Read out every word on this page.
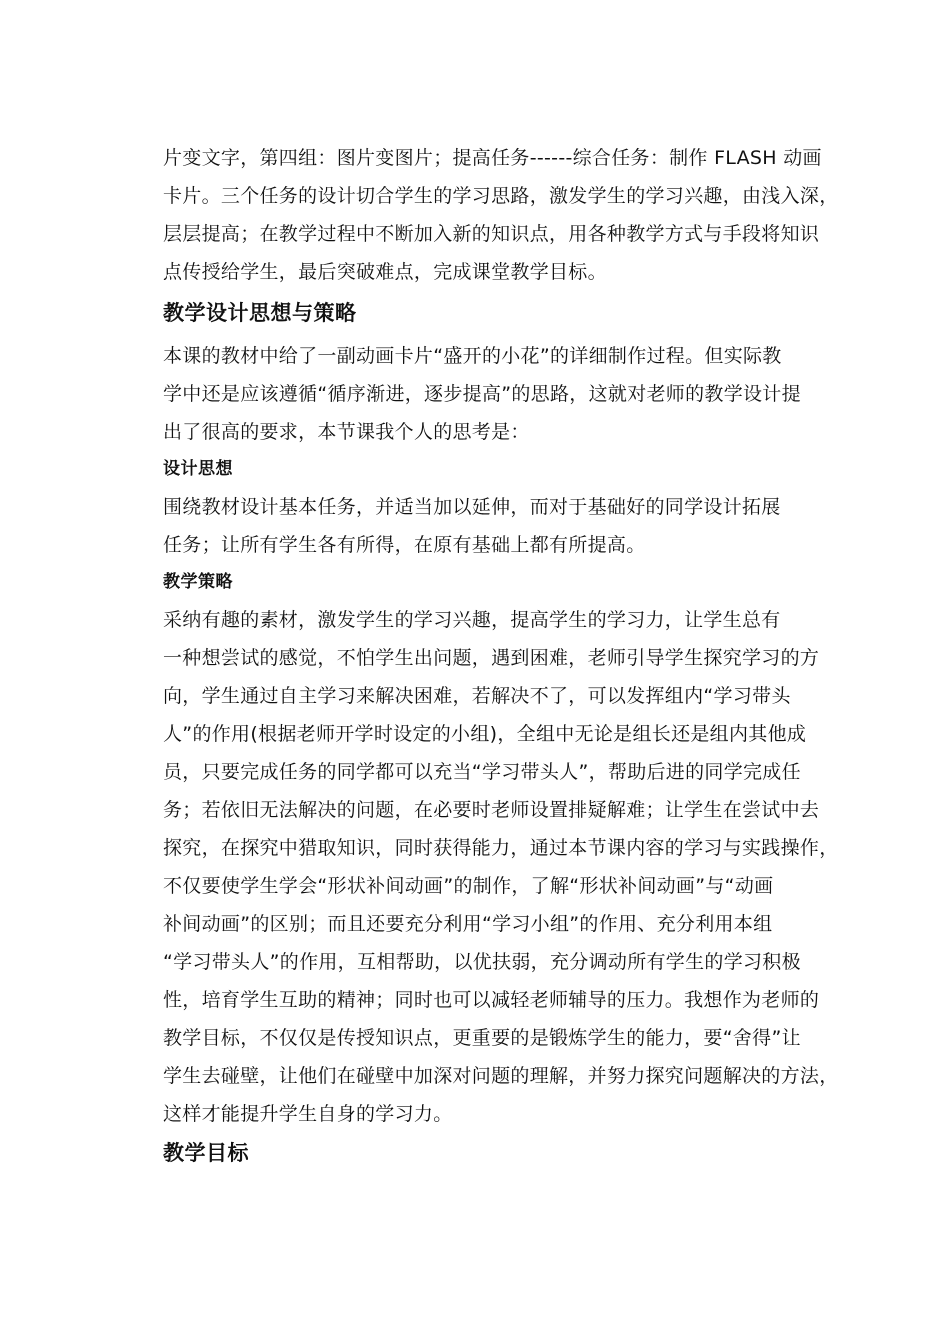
片变文字，第四组：图片变图片；提高任务------综合任务：制作 FLASH 动画
卡片。三个任务的设计切合学生的学习思路，激发学生的学习兴趣，由浅入深，
层层提高；在教学过程中不断加入新的知识点，用各种教学方式与手段将知识
点传授给学生，最后突破难点，完成课堂教学目标。
教学设计思想与策略
本课的教材中给了一副动画卡片“盛开的小花”的详细制作过程。但实际教
学中还是应该遵循“循序渐进，逐步提高”的思路，这就对老师的教学设计提
出了很高的要求，本节课我个人的思考是：
设计思想
围绕教材设计基本任务，并适当加以延伸，而对于基础好的同学设计拓展
任务；让所有学生各有所得，在原有基础上都有所提高。
教学策略
采纳有趣的素材，激发学生的学习兴趣，提高学生的学习力，让学生总有
一种想尝试的感觉，不怕学生出问题，遇到困难，老师引导学生探究学习的方
向，学生通过自主学习来解决困难，若解决不了，可以发挥组内“学习带头
人”的作用(根据老师开学时设定的小组)，全组中无论是组长还是组内其他成
员，只要完成任务的同学都可以充当“学习带头人”，帮助后进的同学完成任
务；若依旧无法解决的问题，在必要时老师设置排疑解难；让学生在尝试中去
探究，在探究中猎取知识，同时获得能力，通过本节课内容的学习与实践操作，
不仅要使学生学会“形状补间动画”的制作，了解“形状补间动画”与“动画
补间动画”的区别；而且还要充分利用“学习小组”的作用、充分利用本组
“学习带头人”的作用，互相帮助，以优扶弱，充分调动所有学生的学习积极
性，培育学生互助的精神；同时也可以减轻老师辅导的压力。我想作为老师的
教学目标，不仅仅是传授知识点，更重要的是锻炼学生的能力，要“舍得”让
学生去碰壁，让他们在碰壁中加深对问题的理解，并努力探究问题解决的方法，
这样才能提升学生自身的学习力。
教学目标
